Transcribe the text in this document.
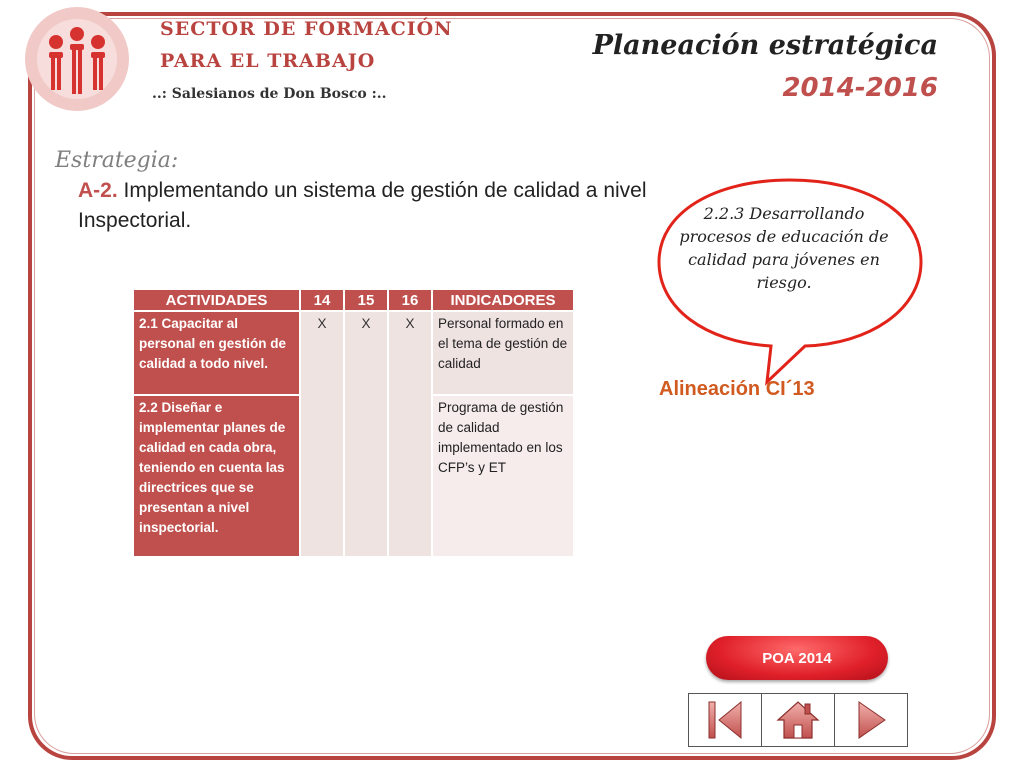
SECTOR DE FORMACIÓN
PARA EL TRABAJO
..: Salesianos de Don Bosco :..
Planeación estratégica
2014-2016
Estrategia:
A-2. Implementando un sistema de gestión de calidad a nivel Inspectorial.	2.2.3 Desarrollando procesos de educación de calidad para jóvenes en riesgo.
Alineación CI´13
ACTIVIDADES	14	15	16	INDICADORES
2.1 Capacitar al personal en gestión de calidad a todo nivel.	X	X	X	Personal formado en el tema de gestión de calidad
2.2 Diseñar e implementar planes de calidad en cada obra, teniendo en cuenta las directrices que se presentan a nivel inspectorial.				Programa de gestión de calidad implementado en los CFP’s y ET
POA 2014
